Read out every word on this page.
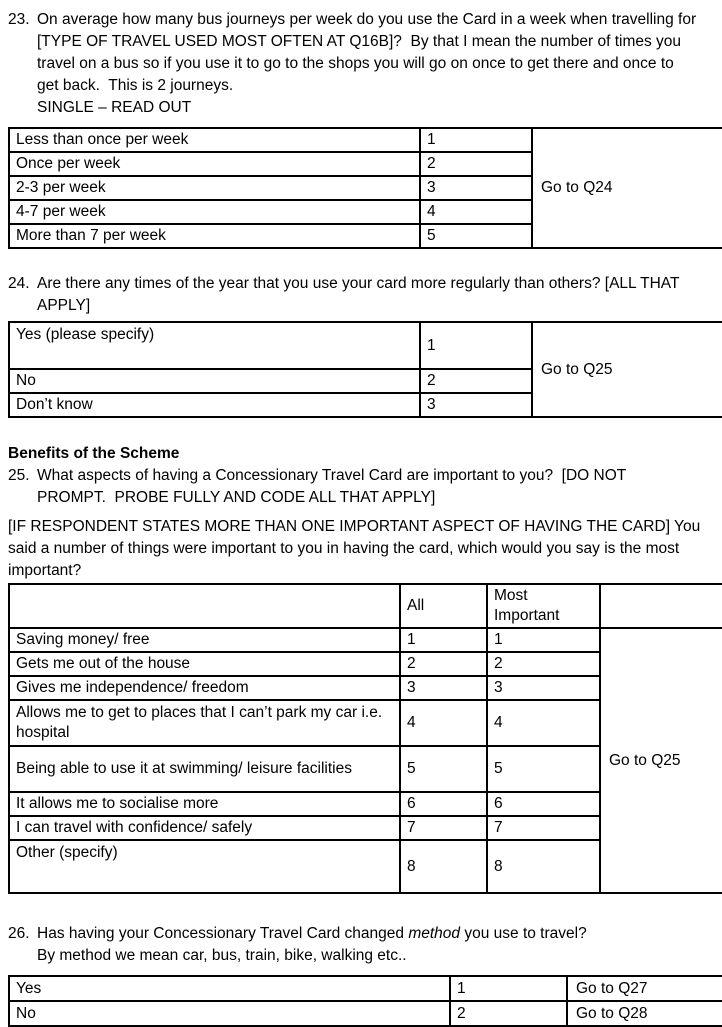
23. On average how many bus journeys per week do you use the Card in a week when travelling for [TYPE OF TRAVEL USED MOST OFTEN AT Q16B]?  By that I mean the number of times you travel on a bus so if you use it to go to the shops you will go on once to get there and once to get back.  This is 2 journeys.
SINGLE – READ OUT
Less than once per week	1	Go to Q24
Once per week	2	
2-3 per week	3	
4-7 per week	4	
More than 7 per week	5	
24. Are there any times of the year that you use your card more regularly than others? [ALL THAT APPLY]
Yes (please specify)	1	Go to Q25
No	2	
Don’t know	3	
Benefits of the Scheme
25. What aspects of having a Concessionary Travel Card are important to you?  [DO NOT PROMPT.  PROBE FULLY AND CODE ALL THAT APPLY]
[IF RESPONDENT STATES MORE THAN ONE IMPORTANT ASPECT OF HAVING THE CARD] You said a number of things were important to you in having the card, which would you say is the most important?
	All	Most Important	
Saving money/ free	1	1	Go to Q25
Gets me out of the house	2	2	
Gives me independence/ freedom	3	3	
Allows me to get to places that I can’t park my car i.e. hospital	4	4	
Being able to use it at swimming/ leisure facilities	5	5	
It allows me to socialise more	6	6	
I can travel with confidence/ safely	7	7	
Other (specify)	8	8	
26. Has having your Concessionary Travel Card changed method you use to travel?
By method we mean car, bus, train, bike, walking etc..
Yes	1	Go to Q27
No	2	Go to Q28
